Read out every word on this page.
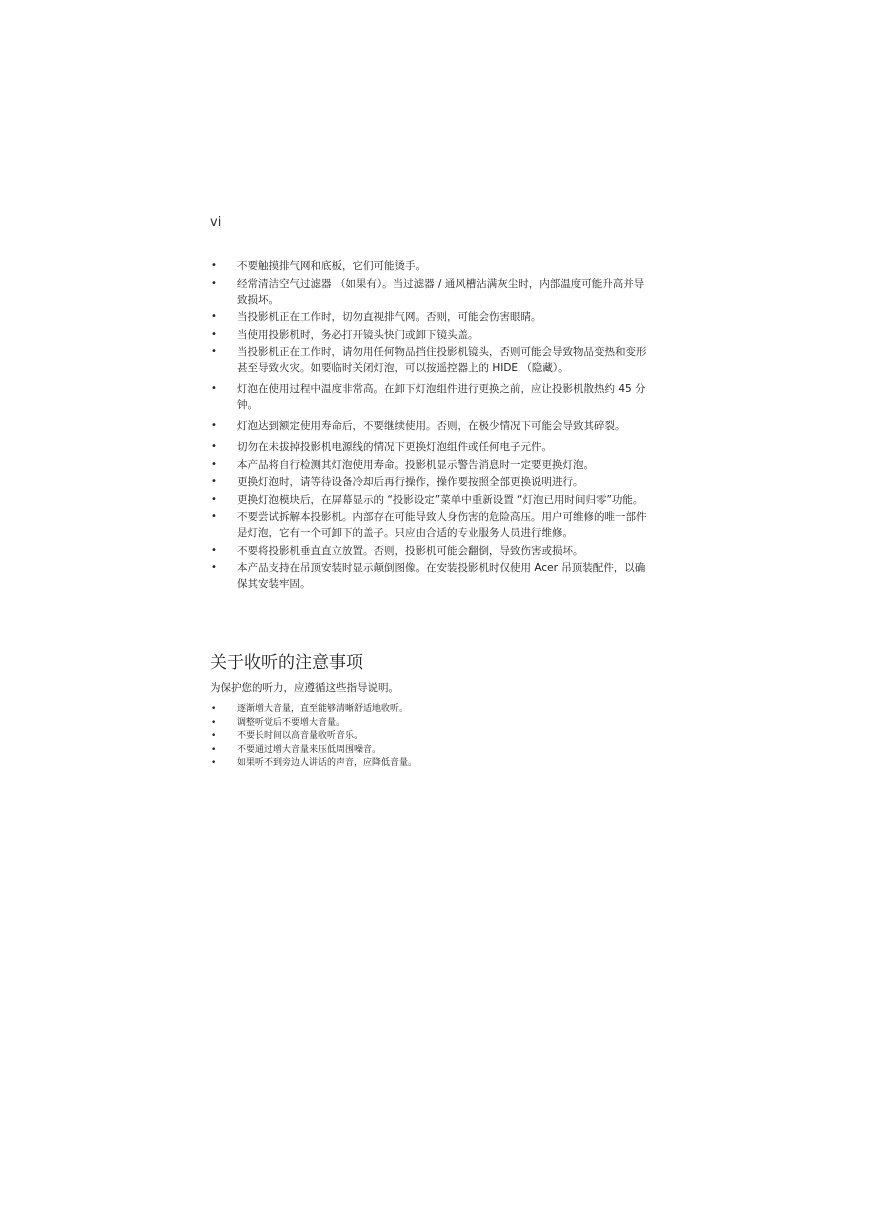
vi
• 不要触摸排气网和底板，它们可能烫手。
• 经常清洁空气过滤器 （如果有）。当过滤器 / 通风槽沾满灰尘时，内部温度可能升高并导致损坏。
• 当投影机正在工作时，切勿直视排气网。否则，可能会伤害眼睛。
• 当使用投影机时，务必打开镜头快门或卸下镜头盖。
• 当投影机正在工作时，请勿用任何物品挡住投影机镜头，否则可能会导致物品变热和变形甚至导致火灾。如要临时关闭灯泡，可以按遥控器上的 HIDE （隐藏）。
• 灯泡在使用过程中温度非常高。在卸下灯泡组件进行更换之前，应让投影机散热约 45 分钟。
• 灯泡达到额定使用寿命后，不要继续使用。否则，在极少情况下可能会导致其碎裂。
• 切勿在未拔掉投影机电源线的情况下更换灯泡组件或任何电子元件。
• 本产品将自行检测其灯泡使用寿命。投影机显示警告消息时一定要更换灯泡。
• 更换灯泡时，请等待设备冷却后再行操作，操作要按照全部更换说明进行。
• 更换灯泡模块后，在屏幕显示的 “投影设定”菜单中重新设置 “灯泡已用时间归零”功能。
• 不要尝试拆解本投影机。内部存在可能导致人身伤害的危险高压。用户可维修的唯一部件是灯泡，它有一个可卸下的盖子。只应由合适的专业服务人员进行维修。
• 不要将投影机垂直直立放置。否则，投影机可能会翻倒，导致伤害或损坏。
• 本产品支持在吊顶安装时显示颠倒图像。在安装投影机时仅使用 Acer 吊顶装配件，以确保其安装牢固。
关于收听的注意事项

为保护您的听力，应遵循这些指导说明。

• 逐渐增大音量，直至能够清晰舒适地收听。
• 调整听觉后不要增大音量。
• 不要长时间以高音量收听音乐。
• 不要通过增大音量来压低周围噪音。
• 如果听不到旁边人讲话的声音，应降低音量。
